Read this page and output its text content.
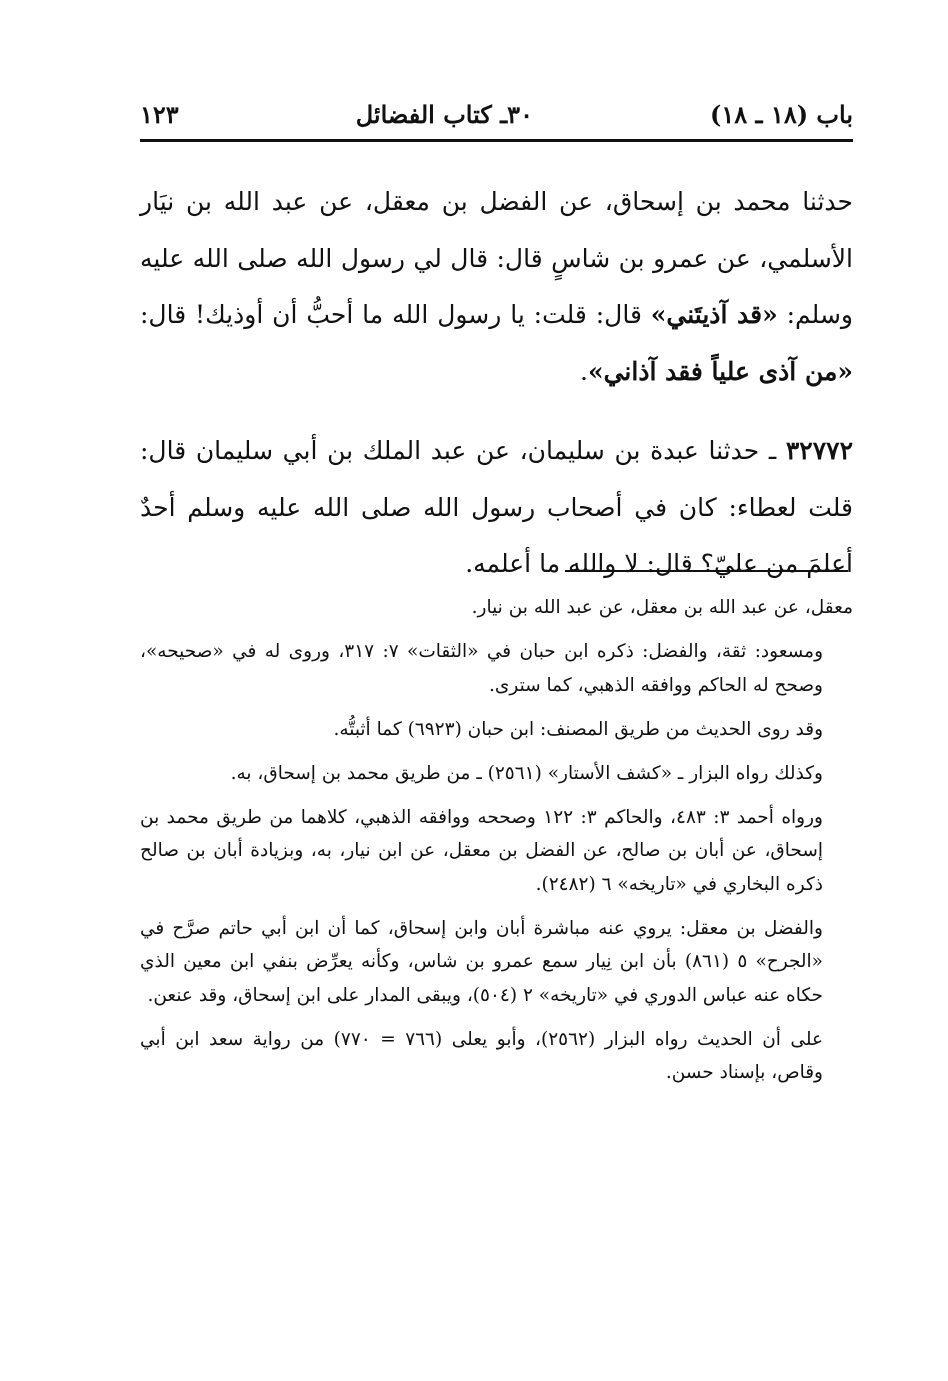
باب (١٨ ـ ١٨)
٣٠ـ كتاب الفضائل
١٢٣

حدثنا محمد بن إسحاق، عن الفضل بن معقل، عن عبد الله بن نيَار الأسلمي، عن عمرو بن شاسٍ قال: قال لي رسول الله صلى الله عليه وسلم: «قد آذيتَني» قال: قلت: يا رسول الله ما أحبُّ أن أوذيك! قال: «من آذى علياً فقد آذاني».

٣٢٧٧٢ ـ حدثنا عبدة بن سليمان، عن عبد الملك بن أبي سليمان قال: قلت لعطاء: كان في أصحاب رسول الله صلى الله عليه وسلم أحدٌ أعلمَ من عليّ؟ قال: لا والله ما أعلمه.

معقل، عن عبد الله بن معقل، عن عبد الله بن نيار.

ومسعود: ثقة، والفضل: ذكره ابن حبان في «الثقات» ٧: ٣١٧، وروى له في «صحيحه»، وصحح له الحاكم ووافقه الذهبي، كما سترى.

وقد روى الحديث من طريق المصنف: ابن حبان (٦٩٢٣) كما أثبتُّه.

وكذلك رواه البزار ـ «كشف الأستار» (٢٥٦١) ـ من طريق محمد بن إسحاق، به.

ورواه أحمد ٣: ٤٨٣، والحاكم ٣: ١٢٢ وصححه ووافقه الذهبي، كلاهما من طريق محمد بن إسحاق، عن أبان بن صالح، عن الفضل بن معقل، عن ابن نيار، به، وبزيادة أبان بن صالح ذكره البخاري في «تاريخه» ٦ (٢٤٨٢).

والفضل بن معقل: يروي عنه مباشرة أبان وابن إسحاق، كما أن ابن أبي حاتم صرَّح في «الجرح» ٥ (٨٦١) بأن ابن نِيار سمع عمرو بن شاس، وكأنه يعرِّض بنفي ابن معين الذي حكاه عنه عباس الدوري في «تاريخه» ٢ (٥٠٤)، ويبقى المدار على ابن إسحاق، وقد عنعن.

على أن الحديث رواه البزار (٢٥٦٢)، وأبو يعلى (٧٦٦ = ٧٧٠) من رواية سعد ابن أبي وقاص، بإسناد حسن.
